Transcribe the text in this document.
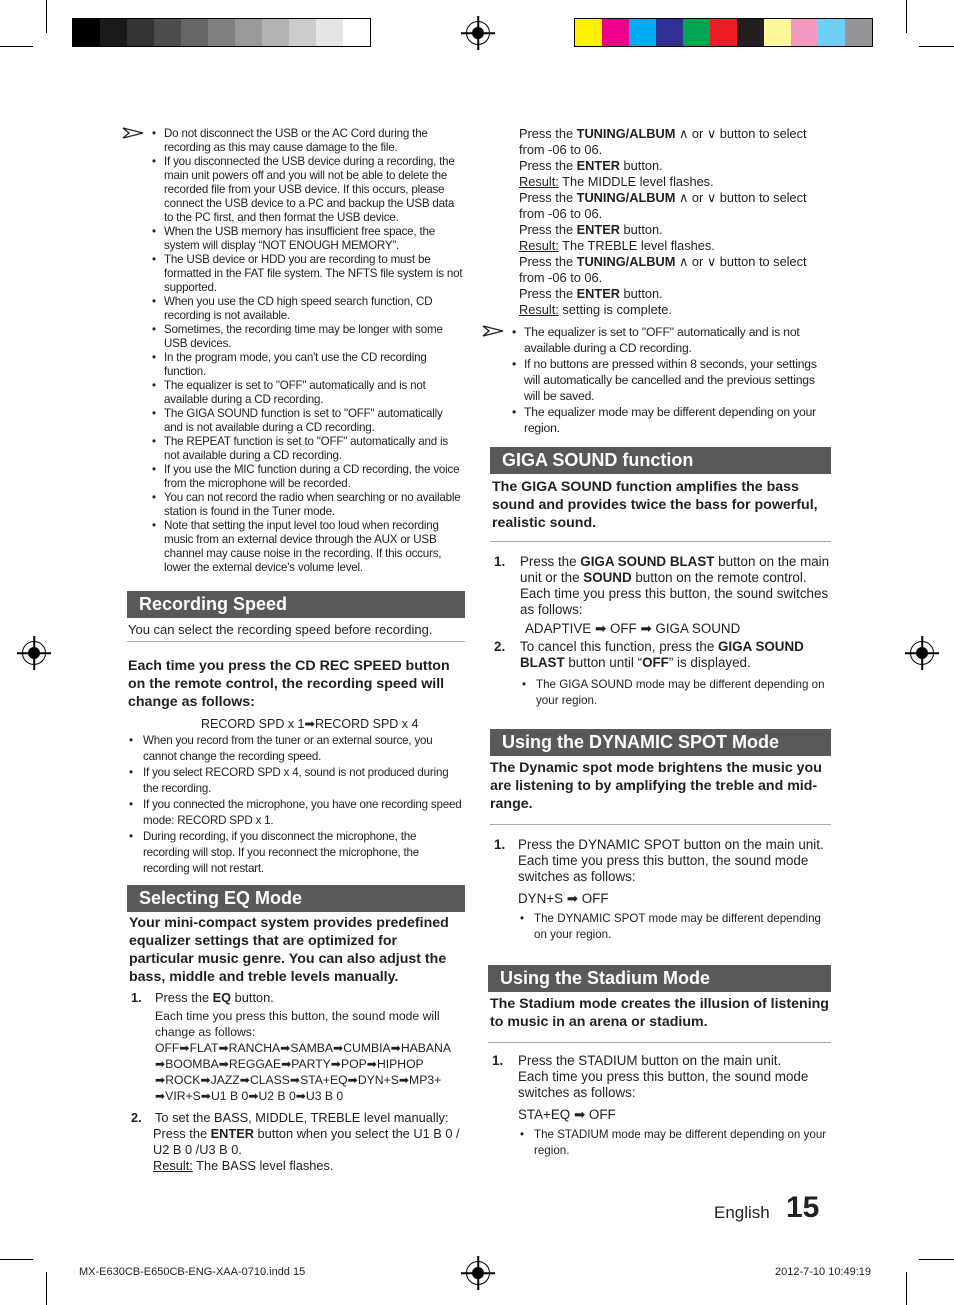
• Do not disconnect the USB or the AC Cord during the recording as this may cause damage to the file.
• If you disconnected the USB device during a recording, the main unit powers off and you will not be able to delete the recorded file from your USB device. If this occurs, please connect the USB device to a PC and backup the USB data to the PC first, and then format the USB device.
• When the USB memory has insufficient free space, the system will display “NOT ENOUGH MEMORY”.
• The USB device or HDD you are recording to must be formatted in the FAT file system. The NFTS file system is not supported.
• When you use the CD high speed search function, CD recording is not available.
• Sometimes, the recording time may be longer with some USB devices.
• In the program mode, you can't use the CD recording function.
• The equalizer is set to "OFF" automatically and is not available during a CD recording.
• The GIGA SOUND function is set to "OFF" automatically and is not available during a CD recording.
• The REPEAT function is set to "OFF" automatically and is not available during a CD recording.
• If you use the MIC function during a CD recording, the voice from the microphone will be recorded.
• You can not record the radio when searching or no available station is found in the Tuner mode.
• Note that setting the input level too loud when recording music from an external device through the AUX or USB channel may cause noise in the recording. If this occurs, lower the external device's volume level.
Recording Speed
You can select the recording speed before recording.
Each time you press the CD REC SPEED button on the remote control, the recording speed will change as follows:
RECORD SPD x 1➡RECORD SPD x 4
• When you record from the tuner or an external source, you cannot change the recording speed.
• If you select RECORD SPD x 4, sound is not produced during the recording.
• If you connected the microphone, you have one recording speed mode: RECORD SPD x 1.
• During recording, if you disconnect the microphone, the recording will stop. If you reconnect the microphone, the recording will not restart.
Selecting EQ Mode
Your mini-compact system provides predefined equalizer settings that are optimized for particular music genre. You can also adjust the bass, middle and treble levels manually.
1. Press the EQ button.
Each time you press this button, the sound mode will change as follows:
OFF➡FLAT➡RANCHA➡SAMBA➡CUMBIA➡HABANA
➡BOOMBA➡REGGAE➡PARTY➡POP➡HIPHOP
➡ROCK➡JAZZ➡CLASS➡STA+EQ➡DYN+S➡MP3+
➡VIR+S➡U1 B 0➡U2 B 0➡U3 B 0
2. To set the BASS, MIDDLE, TREBLE level manually:
Press the ENTER button when you select the U1 B 0 / U2 B 0 /U3 B 0.
Result: The BASS level flashes.
Press the TUNING/ALBUM ∧ or ∨ button to select
from -06 to 06.
Press the ENTER button.
Result: The MIDDLE level flashes.
Press the TUNING/ALBUM ∧ or ∨ button to select
from -06 to 06.
Press the ENTER button.
Result: The TREBLE level flashes.
Press the TUNING/ALBUM ∧ or ∨ button to select
from -06 to 06.
Press the ENTER button.
Result: setting is complete.
• The equalizer is set to "OFF" automatically and is not available during a CD recording.
• If no buttons are pressed within 8 seconds, your settings will automatically be cancelled and the previous settings will be saved.
• The equalizer mode may be different depending on your region.
GIGA SOUND function
The GIGA SOUND function amplifies the bass sound and provides twice the bass for powerful, realistic sound.
1. Press the GIGA SOUND BLAST button on the main unit or the SOUND button on the remote control. Each time you press this button, the sound switches as follows:
ADAPTIVE ➡ OFF ➡ GIGA SOUND
2. To cancel this function, press the GIGA SOUND BLAST button until “OFF” is displayed.
• The GIGA SOUND mode may be different depending on your region.
Using the DYNAMIC SPOT Mode
The Dynamic spot mode brightens the music you are listening to by amplifying the treble and mid-range.
1. Press the DYNAMIC SPOT button on the main unit.
Each time you press this button, the sound mode switches as follows:
DYN+S ➡ OFF
• The DYNAMIC SPOT mode may be different depending on your region.
Using the Stadium Mode
The Stadium mode creates the illusion of listening to music in an arena or stadium.
1. Press the STADIUM button on the main unit.
Each time you press this button, the sound mode switches as follows:
STA+EQ ➡ OFF
• The STADIUM mode may be different depending on your region.
English 15
MX-E630CB-E650CB-ENG-XAA-0710.indd 15	2012-7-10 10:49:19
